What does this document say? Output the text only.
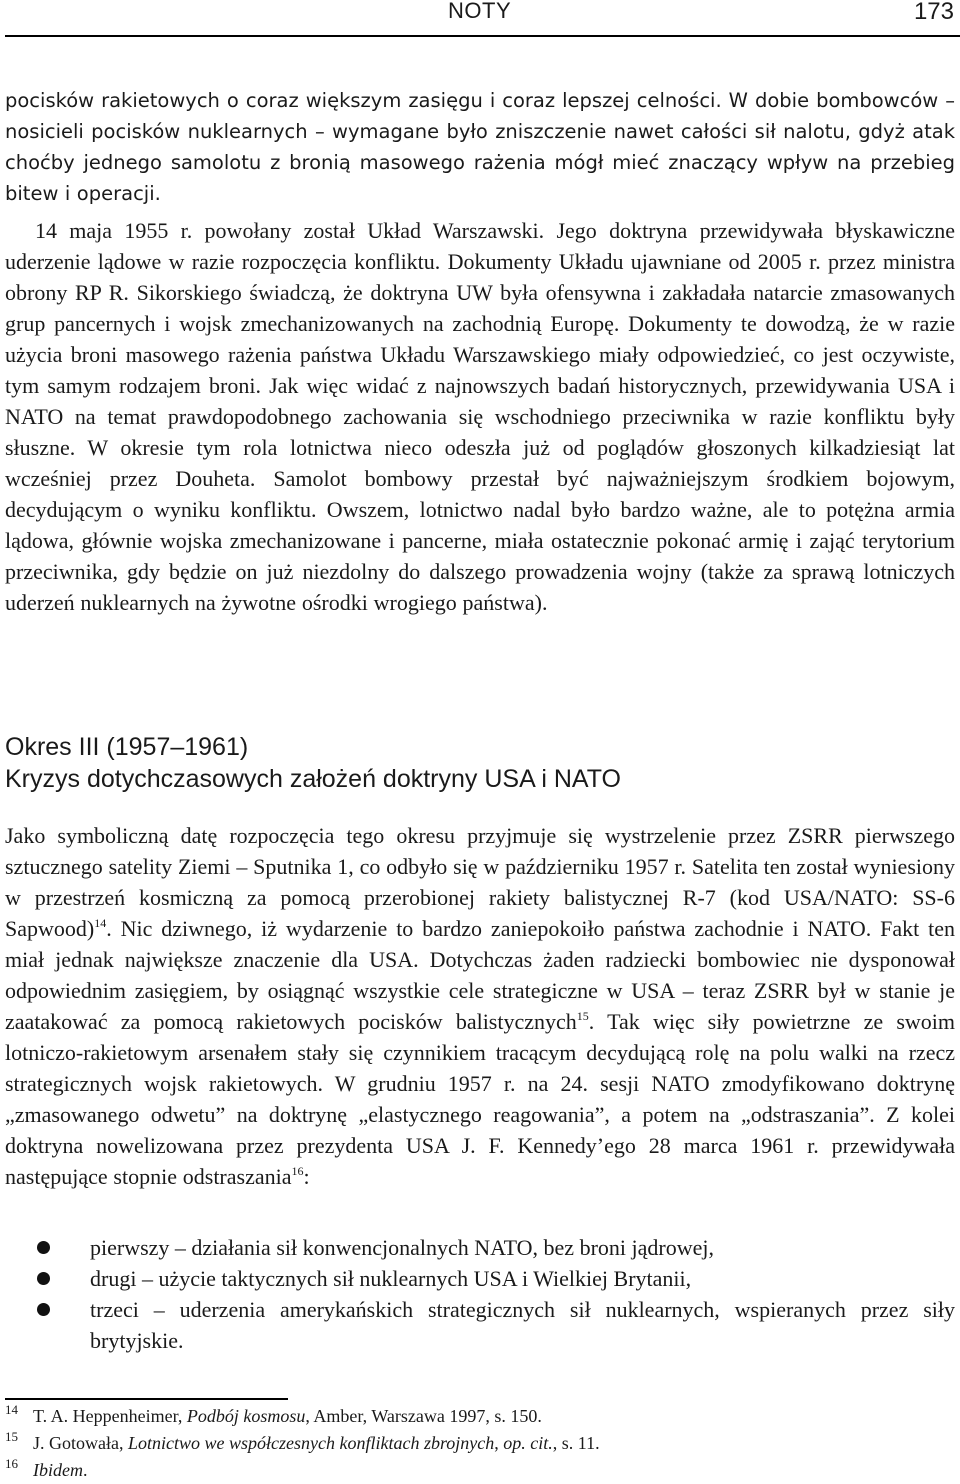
NOTY	173

pocisków rakietowych o coraz większym zasięgu i coraz lepszej celności. W dobie bombowców – nosicieli pocisków nuklearnych – wymagane było zniszczenie nawet całości sił nalotu, gdyż atak choćby jednego samolotu z bronią masowego rażenia mógł mieć znaczący wpływ na przebieg bitew i operacji.

14 maja 1955 r. powołany został Układ Warszawski. Jego doktryna przewidywała błyskawiczne uderzenie lądowe w razie rozpoczęcia konfliktu. Dokumenty Układu ujawniane od 2005 r. przez ministra obrony RP R. Sikorskiego świadczą, że doktryna UW była ofensywna i zakładała natarcie zmasowanych grup pancernych i wojsk zmechanizowanych na zachodnią Europę. Dokumenty te dowodzą, że w razie użycia broni masowego rażenia państwa Układu Warszawskiego miały odpowiedzieć, co jest oczywiste, tym samym rodzajem broni. Jak więc widać z najnowszych badań historycznych, przewidywania USA i NATO na temat prawdopodobnego zachowania się wschodniego przeciwnika w razie konfliktu były słuszne. W okresie tym rola lotnictwa nieco odeszła już od poglądów głoszonych kilkadziesiąt lat wcześniej przez Douheta. Samolot bombowy przestał być najważniejszym środkiem bojowym, decydującym o wyniku konfliktu. Owszem, lotnictwo nadal było bardzo ważne, ale to potężna armia lądowa, głównie wojska zmechanizowane i pancerne, miała ostatecznie pokonać armię i zająć terytorium przeciwnika, gdy będzie on już niezdolny do dalszego prowadzenia wojny (także za sprawą lotniczych uderzeń nuklearnych na żywotne ośrodki wrogiego państwa).

Okres III (1957–1961)
Kryzys dotychczasowych założeń doktryny USA i NATO

Jako symboliczną datę rozpoczęcia tego okresu przyjmuje się wystrzelenie przez ZSRR pierwszego sztucznego satelity Ziemi – Sputnika 1, co odbyło się w październiku 1957 r. Satelita ten został wyniesiony w przestrzeń kosmiczną za pomocą przerobionej rakiety balistycznej R-7 (kod USA/NATO: SS-6 Sapwood)$^{14}$. Nic dziwnego, iż wydarzenie to bardzo zaniepokoiło państwa zachodnie i NATO. Fakt ten miał jednak największe znaczenie dla USA. Dotychczas żaden radziecki bombowiec nie dysponował odpowiednim zasięgiem, by osiągnąć wszystkie cele strategiczne w USA – teraz ZSRR był w stanie je zaatakować za pomocą rakietowych pocisków balistycznych$^{15}$. Tak więc siły powietrzne ze swoim lotniczo-rakietowym arsenałem stały się czynnikiem tracącym decydującą rolę na polu walki na rzecz strategicznych wojsk rakietowych. W grudniu 1957 r. na 24. sesji NATO zmodyfikowano doktrynę „zmasowanego odwetu” na doktrynę „elastycznego reagowania”, a potem na „odstraszania”. Z kolei doktryna nowelizowana przez prezydenta USA J. F. Kennedy’ego 28 marca 1961 r. przewidywała następujące stopnie odstraszania$^{16}$:

pierwszy – działania sił konwencjonalnych NATO, bez broni jądrowej,
drugi – użycie taktycznych sił nuklearnych USA i Wielkiej Brytanii,
trzeci – uderzenia amerykańskich strategicznych sił nuklearnych, wspieranych przez siły brytyjskie.
14 T. A. Heppenheimer, Podbój kosmosu, Amber, Warszawa 1997, s. 150.
15 J. Gotowała, Lotnictwo we współczesnych konfliktach zbrojnych, op. cit., s. 11.
16 Ibidem.
